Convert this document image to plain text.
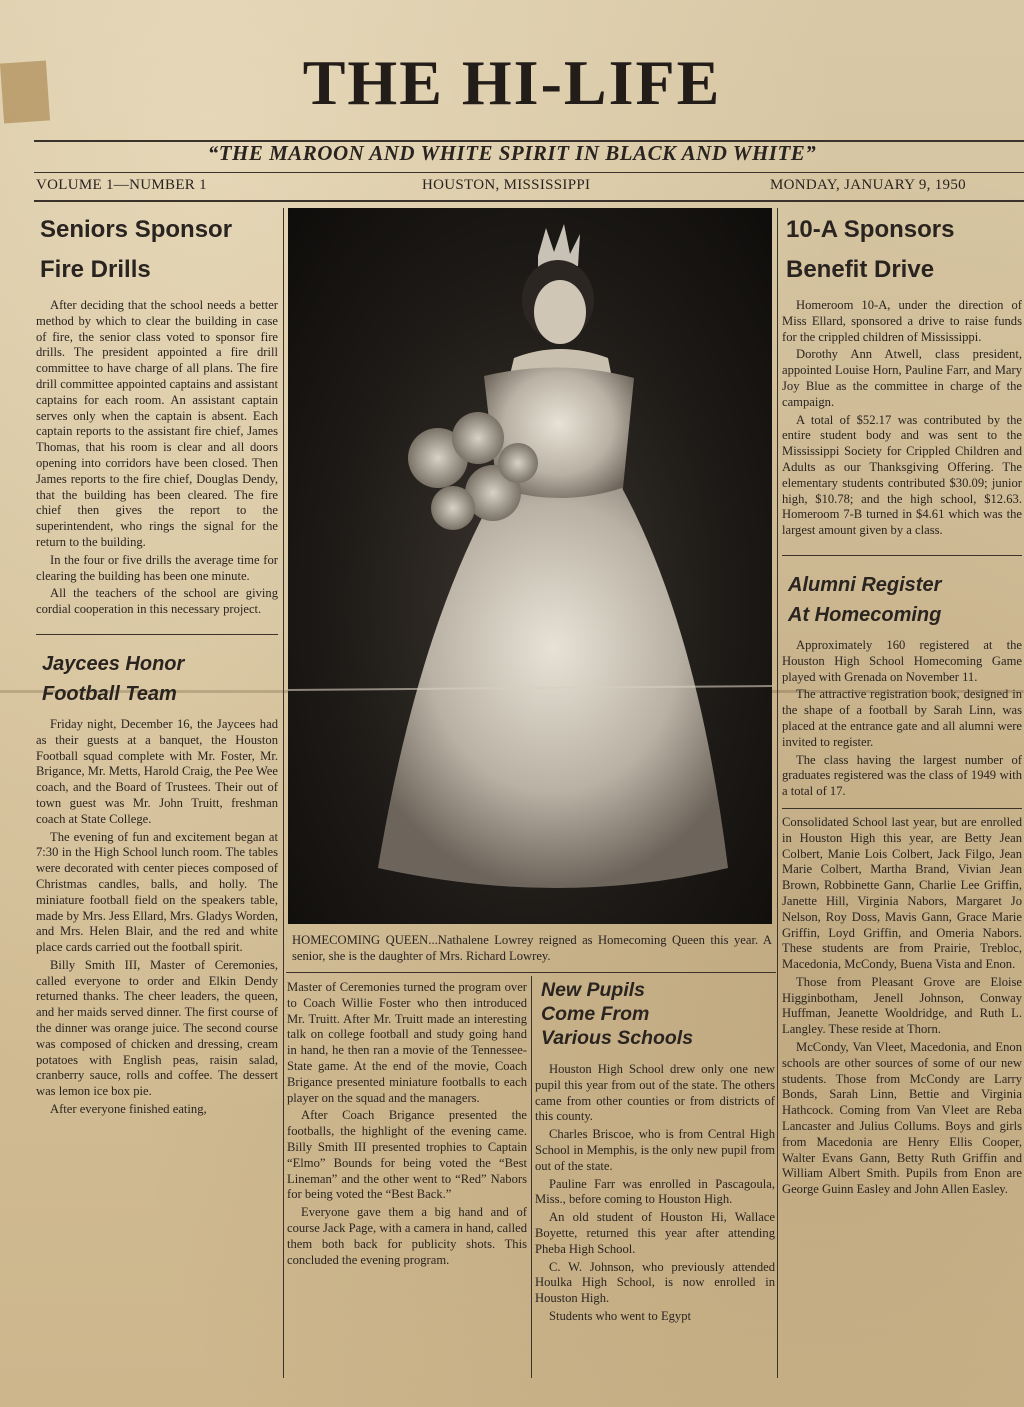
THE HI-LIFE
“THE MAROON AND WHITE SPIRIT IN BLACK AND WHITE”
VOLUME 1—NUMBER 1	HOUSTON, MISSISSIPPI	MONDAY, JANUARY 9, 1950
Seniors Sponsor
Fire Drills

After deciding that the school needs a better method by which to clear the building in case of fire, the senior class voted to sponsor fire drills. The president appointed a fire drill committee to have charge of all plans. The fire drill committee appointed captains and assistant captains for each room. An assistant captain serves only when the captain is absent. Each captain reports to the assistant fire chief, James Thomas, that his room is clear and all doors opening into corridors have been closed. Then James reports to the fire chief, Douglas Dendy, that the building has been cleared. The fire chief then gives the report to the superintendent, who rings the signal for the return to the building.

In the four or five drills the average time for clearing the building has been one minute.

All the teachers of the school are giving cordial cooperation in this necessary project.

Jaycees Honor
Football Team

Friday night, December 16, the Jaycees had as their guests at a banquet, the Houston Football squad complete with Mr. Foster, Mr. Brigance, Mr. Metts, Harold Craig, the Pee Wee coach, and the Board of Trustees. Their out of town guest was Mr. John Truitt, freshman coach at State College.

The evening of fun and excitement began at 7:30 in the High School lunch room. The tables were decorated with center pieces composed of Christmas candles, balls, and holly. The miniature football field on the speakers table, made by Mrs. Jess Ellard, Mrs. Gladys Worden, and Mrs. Helen Blair, and the red and white place cards carried out the football spirit.

Billy Smith III, Master of Ceremonies, called everyone to order and Elkin Dendy returned thanks. The cheer leaders, the queen, and her maids served dinner. The first course of the dinner was orange juice. The second course was composed of chicken and dressing, cream potatoes with English peas, raisin salad, cranberry sauce, rolls and coffee. The dessert was lemon ice box pie.

After everyone finished eating,

HOMECOMING QUEEN...Nathalene Lowrey reigned as Homecoming Queen this year. A senior, she is the daughter of Mrs. Richard Lowrey.

Master of Ceremonies turned the program over to Coach Willie Foster who then introduced Mr. Truitt. After Mr. Truitt made an interesting talk on college football and study going hand in hand, he then ran a movie of the Tennessee-State game. At the end of the movie, Coach Brigance presented miniature footballs to each player on the squad and the managers.

After Coach Brigance presented the footballs, the highlight of the evening came. Billy Smith III presented trophies to Captain “Elmo” Bounds for being voted the “Best Lineman” and the other went to “Red” Nabors for being voted the “Best Back.”

Everyone gave them a big hand and of course Jack Page, with a camera in hand, called them both back for publicity shots. This concluded the evening program.

New Pupils
Come From
Various Schools

Houston High School drew only one new pupil this year from out of the state. The others came from other counties or from districts of this county.

Charles Briscoe, who is from Central High School in Memphis, is the only new pupil from out of the state.

Pauline Farr was enrolled in Pascagoula, Miss., before coming to Houston High.

An old student of Houston Hi, Wallace Boyette, returned this year after attending Pheba High School.

C. W. Johnson, who previously attended Houlka High School, is now enrolled in Houston High.

Students who went to Egypt

10-A Sponsors
Benefit Drive

Homeroom 10-A, under the direction of Miss Ellard, sponsored a drive to raise funds for the crippled children of Mississippi.

Dorothy Ann Atwell, class president, appointed Louise Horn, Pauline Farr, and Mary Joy Blue as the committee in charge of the campaign.

A total of $52.17 was contributed by the entire student body and was sent to the Mississippi Society for Crippled Children and Adults as our Thanksgiving Offering. The elementary students contributed $30.09; junior high, $10.78; and the high school, $12.63. Homeroom 7-B turned in $4.61 which was the largest amount given by a class.

Alumni Register
At Homecoming

Approximately 160 registered at the Houston High School Homecoming Game played with Grenada on November 11.

The attractive registration book, designed in the shape of a football by Sarah Linn, was placed at the entrance gate and all alumni were invited to register.

The class having the largest number of graduates registered was the class of 1949 with a total of 17.

Consolidated School last year, but are enrolled in Houston High this year, are Betty Jean Colbert, Manie Lois Colbert, Jack Filgo, Jean Marie Colbert, Martha Brand, Vivian Jean Brown, Robbinette Gann, Charlie Lee Griffin, Janette Hill, Virginia Nabors, Margaret Jo Nelson, Roy Doss, Mavis Gann, Grace Marie Griffin, Loyd Griffin, and Omeria Nabors. These students are from Prairie, Trebloc, Macedonia, McCondy, Buena Vista and Enon.

Those from Pleasant Grove are Eloise Higginbotham, Jenell Johnson, Conway Huffman, Jeanette Wooldridge, and Ruth L. Langley. These reside at Thorn.

McCondy, Van Vleet, Macedonia, and Enon schools are other sources of some of our new students. Those from McCondy are Larry Bonds, Sarah Linn, Bettie and Virginia Hathcock. Coming from Van Vleet are Reba Lancaster and Julius Collums. Boys and girls from Macedonia are Henry Ellis Cooper, Walter Evans Gann, Betty Ruth Griffin and William Albert Smith. Pupils from Enon are George Guinn Easley and John Allen Easley.
